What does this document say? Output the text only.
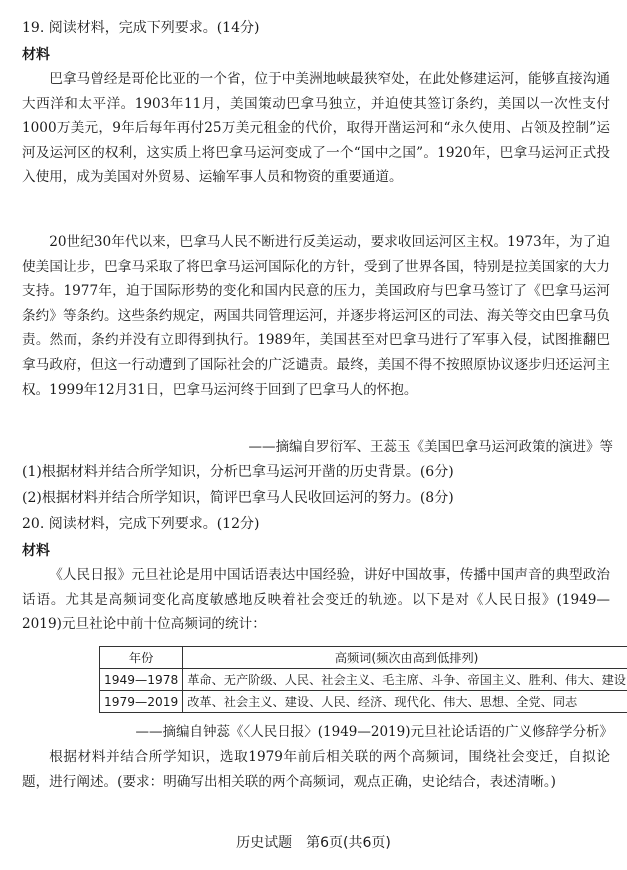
19. 阅读材料，完成下列要求。(14分)
材料
巴拿马曾经是哥伦比亚的一个省，位于中美洲地峡最狭窄处，在此处修建运河，能够直接沟通大西洋和太平洋。1903年11月，美国策动巴拿马独立，并迫使其签订条约，美国以一次性支付1000万美元，9年后每年再付25万美元租金的代价，取得开凿运河和“永久使用、占领及控制”运河及运河区的权利，这实质上将巴拿马运河变成了一个“国中之国”。1920年，巴拿马运河正式投入使用，成为美国对外贸易、运输军事人员和物资的重要通道。
20世纪30年代以来，巴拿马人民不断进行反美运动，要求收回运河区主权。1973年，为了迫使美国让步，巴拿马采取了将巴拿马运河国际化的方针，受到了世界各国，特别是拉美国家的大力支持。1977年，迫于国际形势的变化和国内民意的压力，美国政府与巴拿马签订了《巴拿马运河条约》等条约。这些条约规定，两国共同管理运河，并逐步将运河区的司法、海关等交由巴拿马负责。然而，条约并没有立即得到执行。1989年，美国甚至对巴拿马进行了军事入侵，试图推翻巴拿马政府，但这一行动遭到了国际社会的广泛谴责。最终，美国不得不按照原协议逐步归还运河主权。1999年12月31日，巴拿马运河终于回到了巴拿马人的怀抱。
——摘编自罗衍军、王蕊玉《美国巴拿马运河政策的演进》等
(1)根据材料并结合所学知识，分析巴拿马运河开凿的历史背景。(6分)
(2)根据材料并结合所学知识，简评巴拿马人民收回运河的努力。(8分)
20. 阅读材料，完成下列要求。(12分)
材料
《人民日报》元旦社论是用中国话语表达中国经验，讲好中国故事，传播中国声音的典型政治话语。尤其是高频词变化高度敏感地反映着社会变迁的轨迹。以下是对《人民日报》(1949—2019)元旦社论中前十位高频词的统计：
年份	高频词(频次由高到低排列)
1949—1978	革命、无产阶级、人民、社会主义、毛主席、斗争、帝国主义、胜利、伟大、建设
1979—2019	改革、社会主义、建设、人民、经济、现代化、伟大、思想、全党、同志
——摘编自钟蕊《〈人民日报〉(1949—2019)元旦社论话语的广义修辞学分析》
根据材料并结合所学知识，选取1979年前后相关联的两个高频词，围绕社会变迁，自拟论题，进行阐述。(要求：明确写出相关联的两个高频词，观点正确，史论结合，表述清晰。)
历史试题　第6页(共6页)
